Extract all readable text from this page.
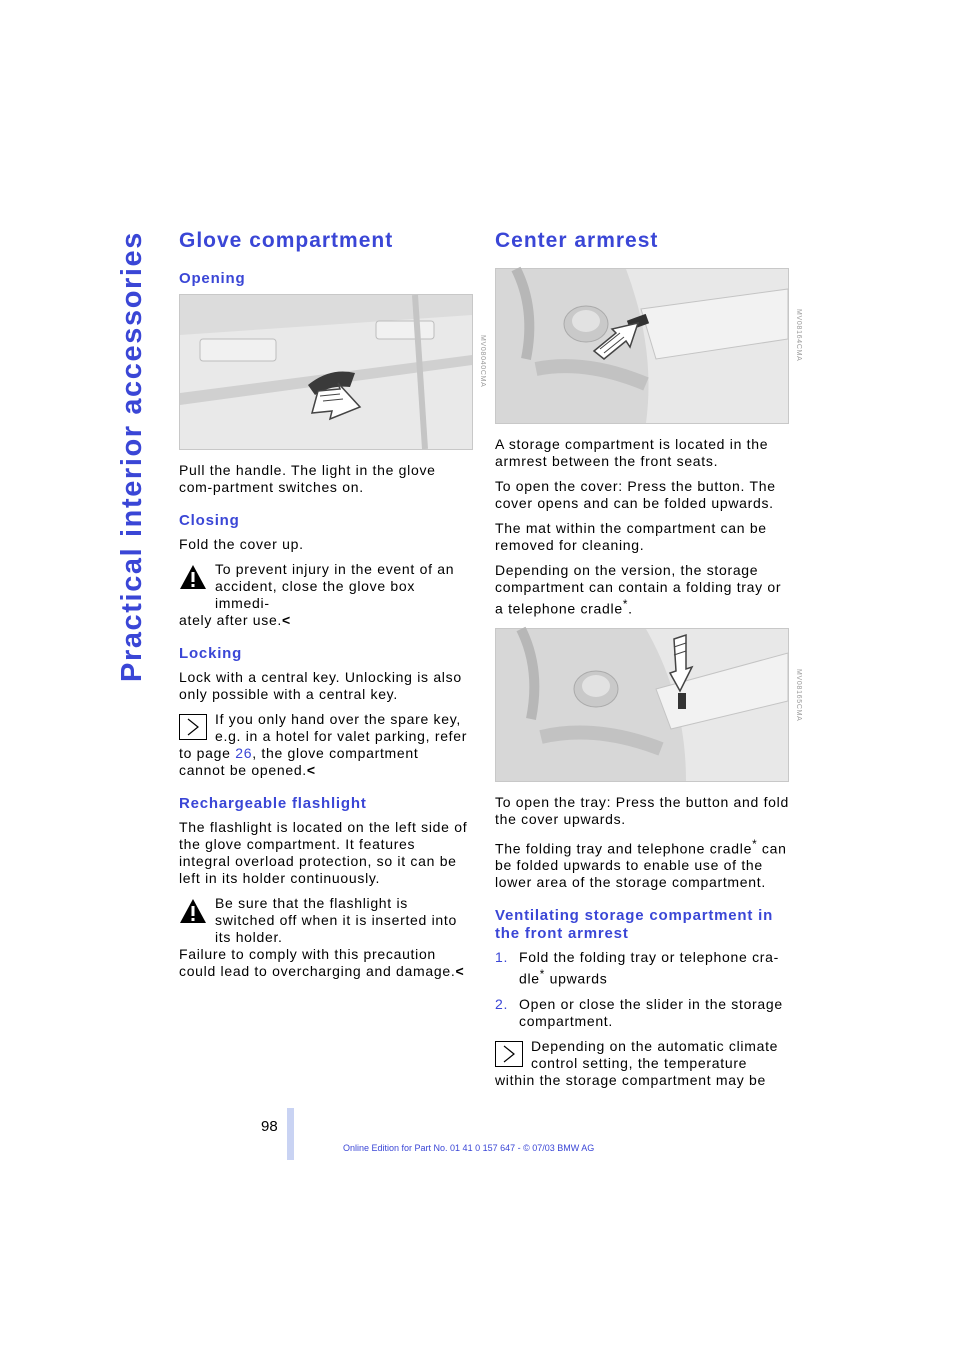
Practical interior accessories Glove compartment
Opening
MV08040CMA

Pull the handle. The light in the glove com-partment switches on.

Closing

Fold the cover up.

To prevent injury in the event of an accident, close the glove box immedi-
ately after use.<
Locking

Lock with a central key. Unlocking is also only possible with a central key.

If you only hand over the spare key, e.g. in a hotel for valet parking, refer
to page 26, the glove compartment cannot be opened.<
Rechargeable flashlight

The flashlight is located on the left side of the glove compartment. It features integral overload protection, so it can be left in its holder continuously.

Be sure that the flashlight is switched off when it is inserted into its holder.
Failure to comply with this precaution could lead to overcharging and damage.<
Center armrest
MV08164CMA

A storage compartment is located in the armrest between the front seats.

To open the cover: Press the button. The cover opens and can be folded upwards.

The mat within the compartment can be removed for cleaning.

Depending on the version, the storage compartment can contain a folding tray or a telephone cradle*.

MV08165CMA

To open the tray: Press the button and fold the cover upwards.

The folding tray and telephone cradle* can be folded upwards to enable use of the lower area of the storage compartment.

Ventilating storage compartment in the front armrest
1. Fold the folding tray or telephone cra-dle* upwards
2. Open or close the slider in the storage compartment.
Depending on the automatic climate control setting, the temperature
within the storage compartment may be
98
Online Edition for Part No. 01 41 0 157 647 - © 07/03 BMW AG
